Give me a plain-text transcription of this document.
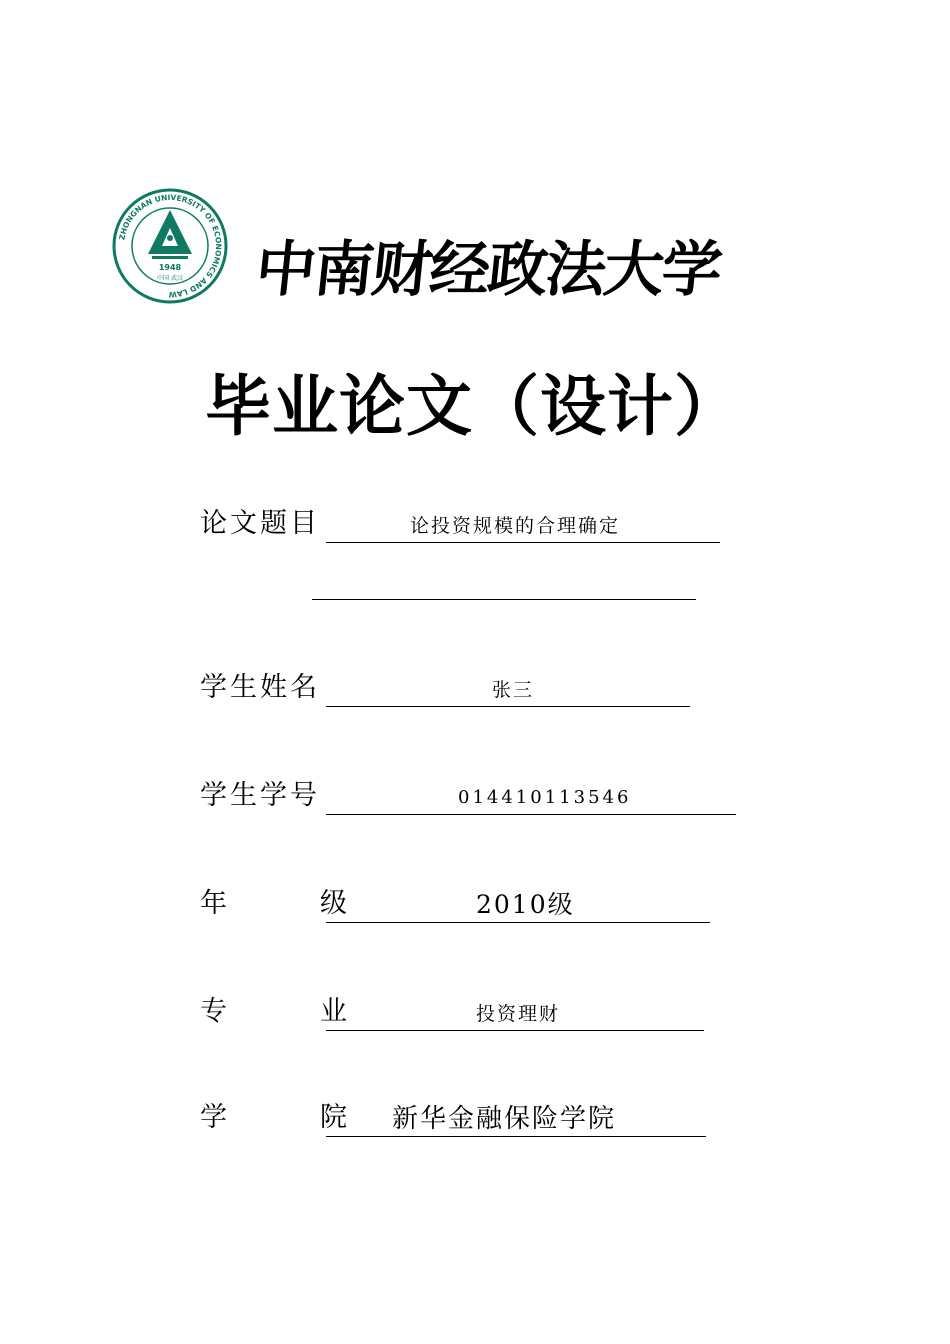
ZHONGNAN UNIVERSITY OF ECONOMICS AND LAW
1948
中国 武汉 中南财经政法大学
毕业论文（设计）
论文题目	论投资规模的合理确定
学生姓名	张三
学生学号	014410113546
年	级	2010级
专	业	投资理财
学	院 新华金融保险学院
